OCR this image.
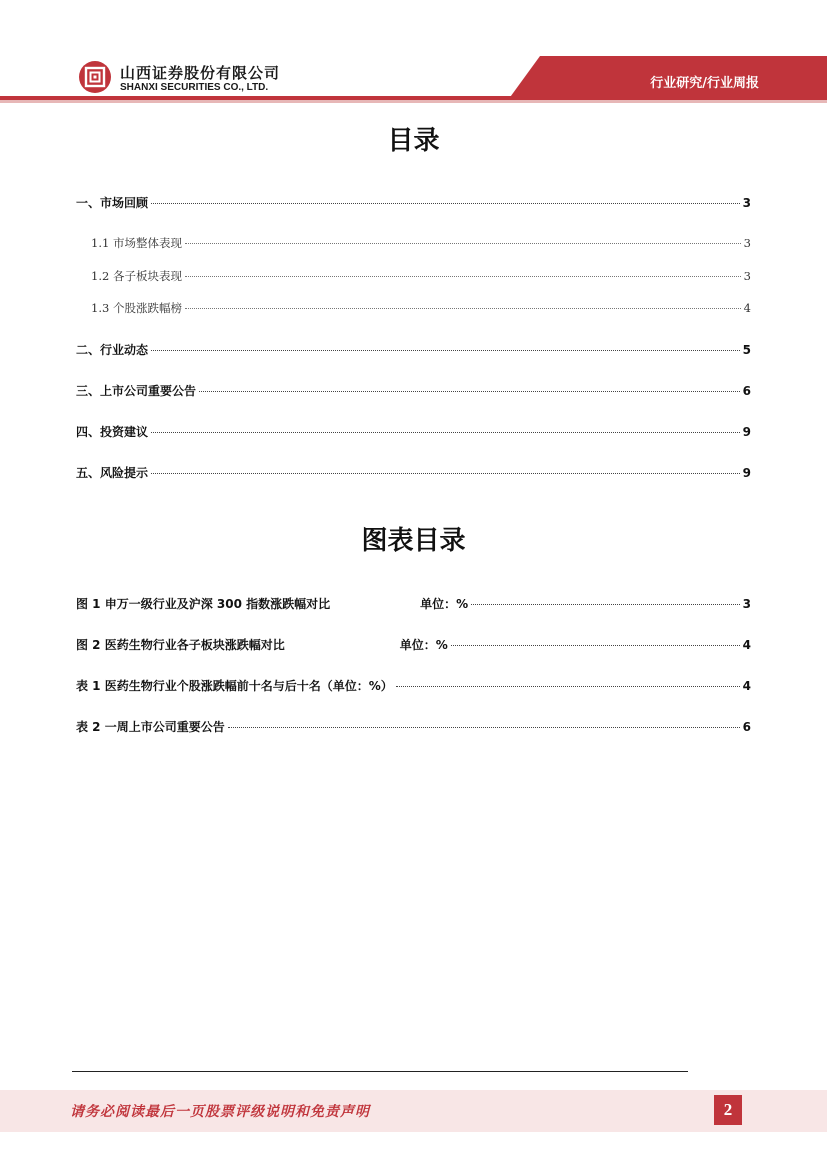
山西证券股份有限公司
SHANXI SECURITIES CO., LTD.	行业研究/行业周报
目录
一、市场回顾	3
1.1 市场整体表现	3
1.2 各子板块表现	3
1.3 个股涨跌幅榜	4
二、行业动态	5
三、上市公司重要公告	6
四、投资建议	9
五、风险提示	9
图表目录
图 1 申万一级行业及沪深 300 指数涨跌幅对比	单位：%	3
图 2 医药生物行业各子板块涨跌幅对比	单位：%	4
表 1 医药生物行业个股涨跌幅前十名与后十名（单位：%）	4
表 2 一周上市公司重要公告	6
请务必阅读最后一页股票评级说明和免责声明	2
